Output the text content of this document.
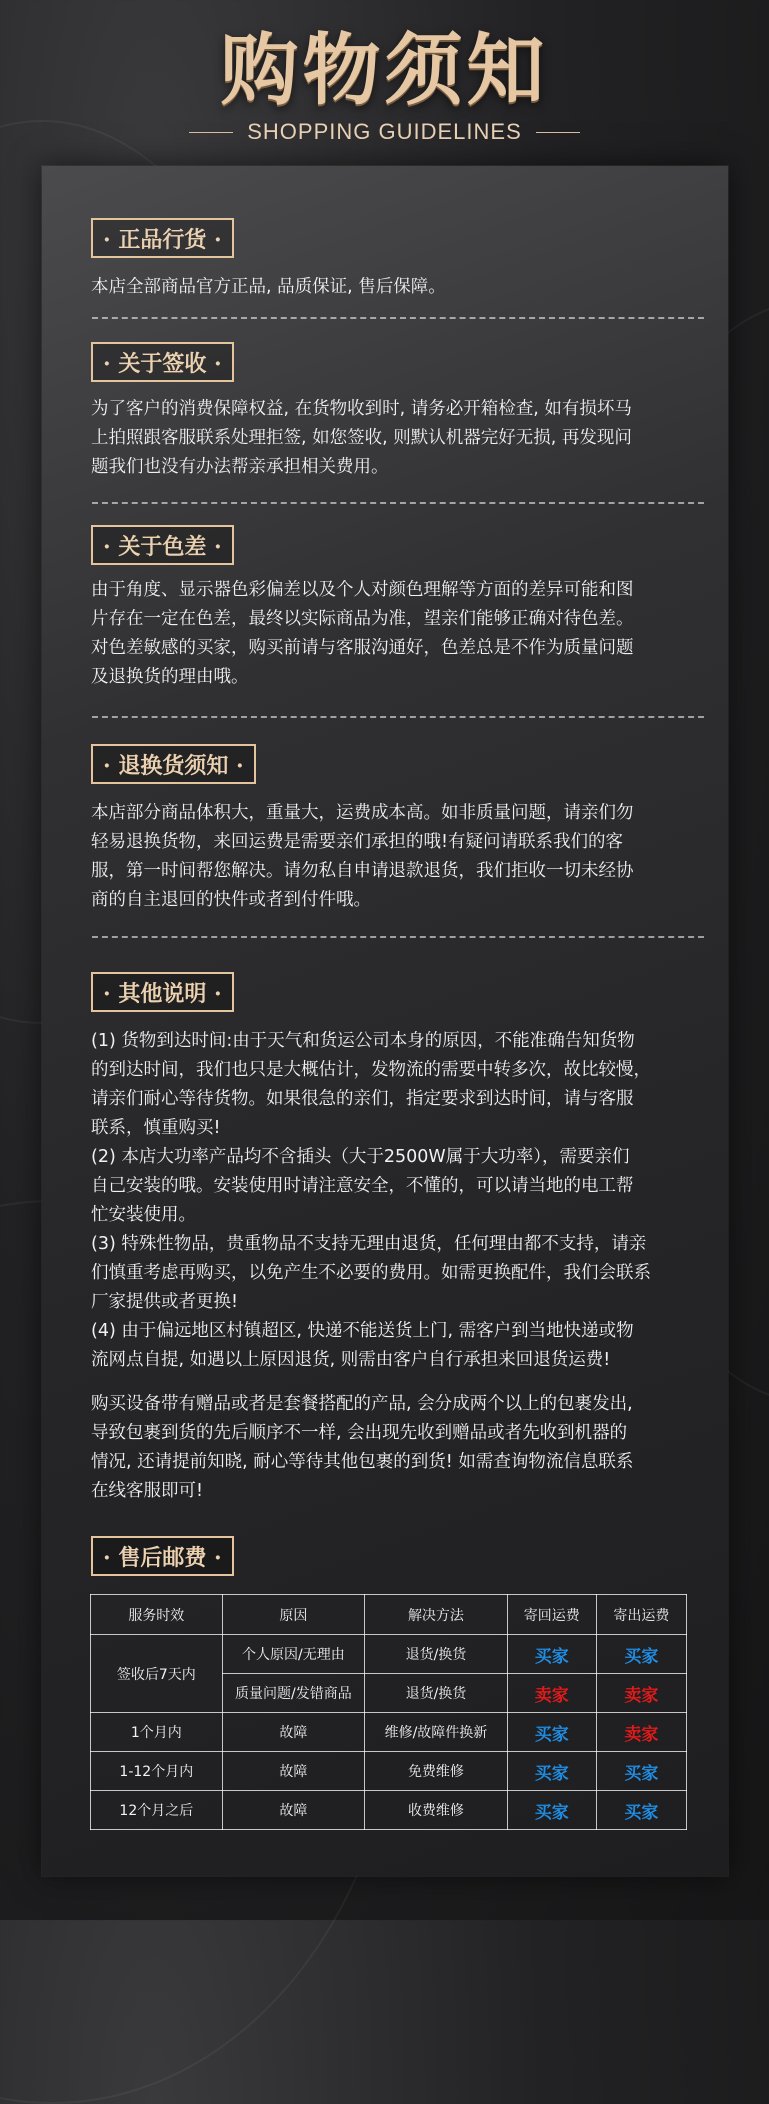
购物须知
SHOPPING GUIDELINES
· 正品行货 ·

本店全部商品官方正品, 品质保证, 售后保障。

· 关于签收 ·

为了客户的消费保障权益, 在货物收到时, 请务必开箱检查, 如有损坏马

上拍照跟客服联系处理拒签, 如您签收, 则默认机器完好无损, 再发现问

题我们也没有办法帮亲承担相关费用。

· 关于色差 ·

由于角度、显示器色彩偏差以及个人对颜色理解等方面的差异可能和图

片存在一定在色差，最终以实际商品为准，望亲们能够正确对待色差。

对色差敏感的买家，购买前请与客服沟通好，色差总是不作为质量问题

及退换货的理由哦。

· 退换货须知 ·

本店部分商品体积大，重量大，运费成本高。如非质量问题，请亲们勿

轻易退换货物，来回运费是需要亲们承担的哦!有疑问请联系我们的客

服，第一时间帮您解决。请勿私自申请退款退货，我们拒收一切未经协

商的自主退回的快件或者到付件哦。

· 其他说明 ·

(1) 货物到达时间:由于天气和货运公司本身的原因，不能准确告知货物

的到达时间，我们也只是大概估计，发物流的需要中转多次，故比较慢，

请亲们耐心等待货物。如果很急的亲们，指定要求到达时间，请与客服

联系，慎重购买!

(2) 本店大功率产品均不含插头（大于2500W属于大功率），需要亲们

自己安装的哦。安装使用时请注意安全，不懂的，可以请当地的电工帮

忙安装使用。

(3) 特殊性物品，贵重物品不支持无理由退货，任何理由都不支持，请亲

们慎重考虑再购买，以免产生不必要的费用。如需更换配件，我们会联系

厂家提供或者更换!

(4) 由于偏远地区村镇超区, 快递不能送货上门, 需客户到当地快递或物

流网点自提, 如遇以上原因退货, 则需由客户自行承担来回退货运费!

购买设备带有赠品或者是套餐搭配的产品, 会分成两个以上的包裹发出,

导致包裹到货的先后顺序不一样, 会出现先收到赠品或者先收到机器的

情况, 还请提前知晓, 耐心等待其他包裹的到货! 如需查询物流信息联系

在线客服即可!

· 售后邮费 ·
服务时效	原因	解决方法	寄回运费	寄出运费
签收后7天内	个人原因/无理由	退货/换货	买家	买家
	质量问题/发错商品	退货/换货	卖家	卖家
1个月内	故障	维修/故障件换新	买家	卖家
1-12个月内	故障	免费维修	买家	买家
12个月之后	故障	收费维修	买家	买家
